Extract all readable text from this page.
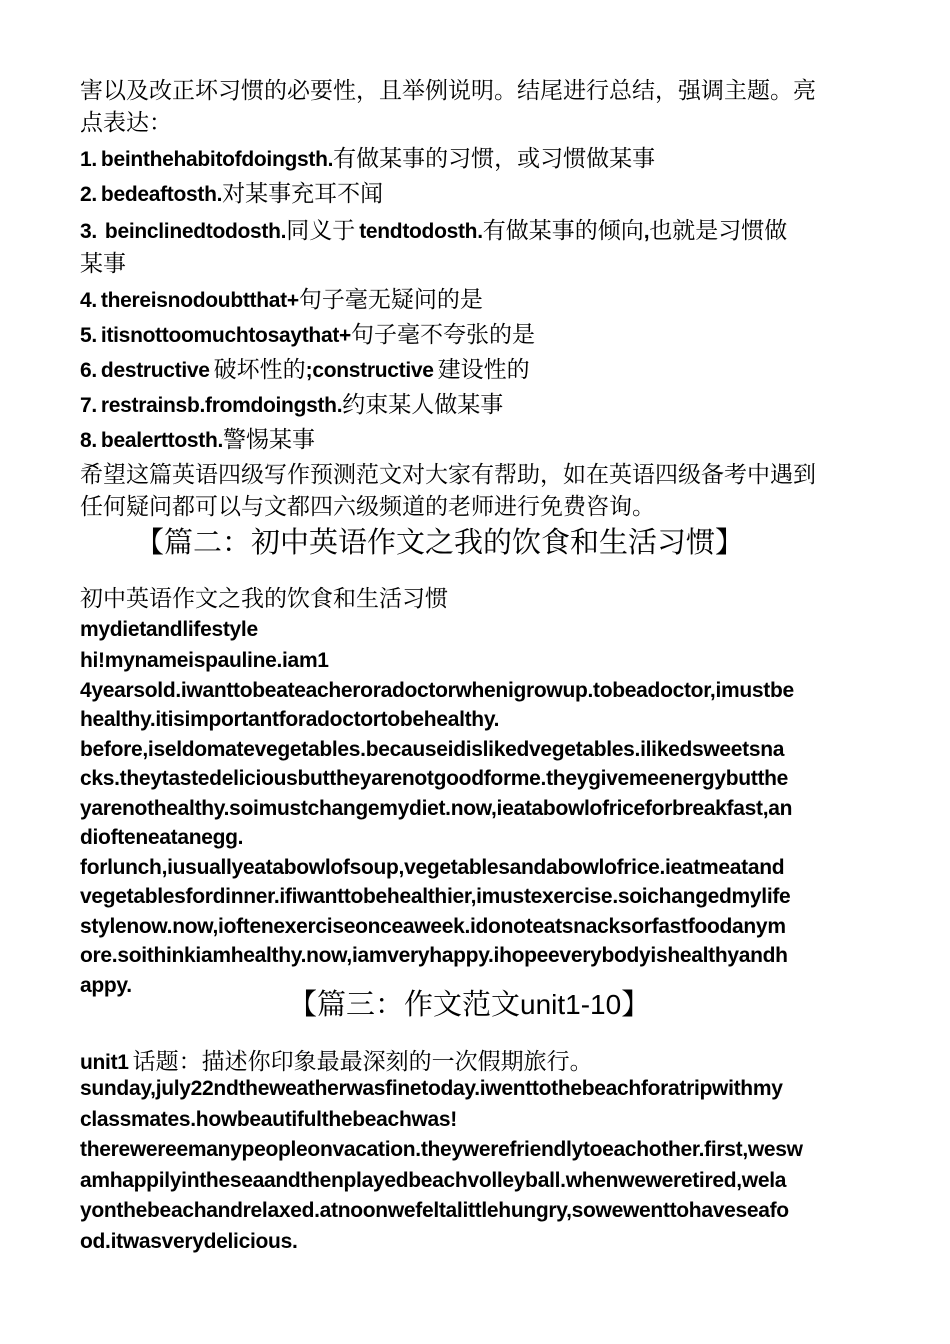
害以及改正坏习惯的必要性，且举例说明。结尾进行总结，强调主题。亮
点表达：
1. beinthehabitofdoingsth.有做某事的习惯，或习惯做某事
2. bedeaftosth.对某事充耳不闻
3. beinclinedtodosth.同义于 tendtodosth.有做某事的倾向,也就是习惯做
某事
4. thereisnodoubtthat+句子毫无疑问的是
5. itisnottoomuchtosaythat+句子毫不夸张的是
6. destructive 破坏性的;constructive 建设性的
7. restrainsb.fromdoingsth.约束某人做某事
8. bealerttosth.警惕某事
希望这篇英语四级写作预测范文对大家有帮助，如在英语四级备考中遇到
任何疑问都可以与文都四六级频道的老师进行免费咨询。
【篇二：初中英语作文之我的饮食和生活习惯】
初中英语作文之我的饮食和生活习惯
mydietandlifestyle
hi!mynameispauline.iam1
4yearsold.iwanttobeateacheroradoctorwhenigrowup.tobeadoctor,imustbe
healthy.itisimportantforadoctortobehealthy.
before,iseldomatevegetables.becauseidislikedvegetables.ilikedsweetsna
cks.theytastedeliciousbuttheyarenotgoodforme.theygivemeenergybutthe
yarenothealthy.soimustchangemydiet.now,ieatabowlofriceforbreakfast,an
diofteneatanegg.
forlunch,iusuallyeatabowlofsoup,vegetablesandabowlofrice.ieatmeatand
vegetablesfordinner.ifiwanttobehealthier,imustexercise.soichangedmylife
stylenow.now,ioftenexerciseonceaweek.idonoteatsnacksorfastfoodanym
ore.soithinkiamhealthy.now,iamveryhappy.ihopeeverybodyishealthyandh
appy.
【篇三：作文范文unit1-10】
unit1 话题：描述你印象最最深刻的一次假期旅行。
sunday,july22ndtheweatherwasfinetoday.iwenttothebeachforatripwithmy
classmates.howbeautifulthebeachwas!
therewereemanypeopleonvacation.theywerefriendlytoeachother.first,wesw
amhappilyintheseaandthenplayedbeachvolleyball.whenweweretired,wela
yonthebeachandrelaxed.atnoonwefeltalittlehungry,sowewenttohaveseafo
od.itwasverydelicious.
